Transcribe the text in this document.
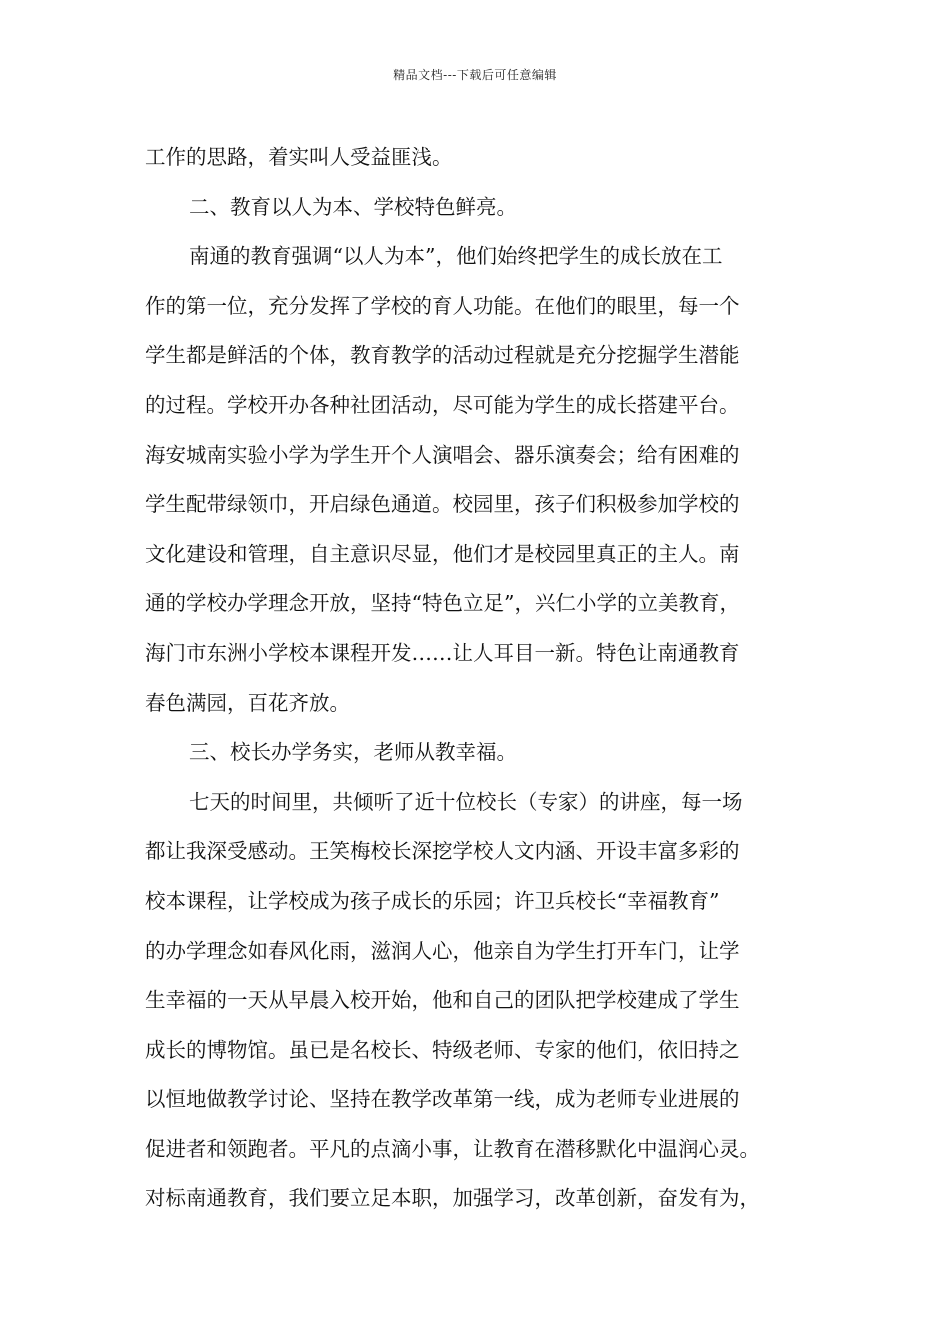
精品文档---下载后可任意编辑
工作的思路，着实叫人受益匪浅。
二、教育以人为本、学校特色鲜亮。
南通的教育强调“以人为本”，他们始终把学生的成长放在工
作的第一位，充分发挥了学校的育人功能。在他们的眼里，每一个
学生都是鲜活的个体，教育教学的活动过程就是充分挖掘学生潜能
的过程。学校开办各种社团活动，尽可能为学生的成长搭建平台。
海安城南实验小学为学生开个人演唱会、器乐演奏会；给有困难的
学生配带绿领巾，开启绿色通道。校园里，孩子们积极参加学校的
文化建设和管理，自主意识尽显，他们才是校园里真正的主人。南
通的学校办学理念开放，坚持“特色立足”，兴仁小学的立美教育，
海门市东洲小学校本课程开发……让人耳目一新。特色让南通教育
春色满园，百花齐放。
三、校长办学务实，老师从教幸福。
七天的时间里，共倾听了近十位校长（专家）的讲座，每一场
都让我深受感动。王笑梅校长深挖学校人文内涵、开设丰富多彩的
校本课程，让学校成为孩子成长的乐园；许卫兵校长“幸福教育”
的办学理念如春风化雨，滋润人心，他亲自为学生打开车门，让学
生幸福的一天从早晨入校开始，他和自己的团队把学校建成了学生
成长的博物馆。虽已是名校长、特级老师、专家的他们，依旧持之
以恒地做教学讨论、坚持在教学改革第一线，成为老师专业进展的
促进者和领跑者。平凡的点滴小事，让教育在潜移默化中温润心灵。
对标南通教育，我们要立足本职，加强学习，改革创新，奋发有为，
